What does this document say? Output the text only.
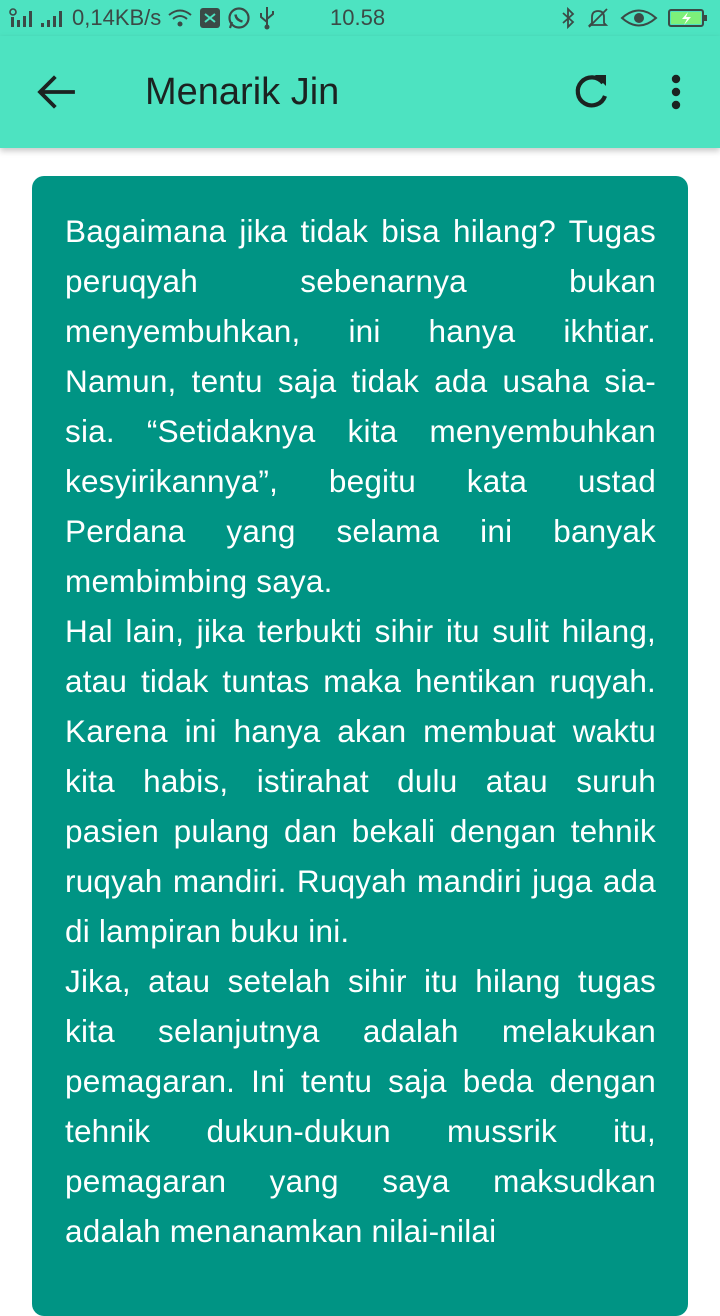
0,14KB/s	10.58
Menarik Jin

Bagaimana jika tidak bisa hilang? Tugas peruqyah sebenarnya bukan menyembuhkan, ini hanya ikhtiar. Namun, tentu saja tidak ada usaha sia-sia. “Setidaknya kita menyembuhkan kesyirikannya”, begitu kata ustad Perdana yang selama ini banyak membimbing saya.

Hal lain, jika terbukti sihir itu sulit hilang, atau tidak tuntas maka hentikan ruqyah. Karena ini hanya akan membuat waktu kita habis, istirahat dulu atau suruh pasien pulang dan bekali dengan tehnik ruqyah mandiri. Ruqyah mandiri juga ada di lampiran buku ini.

Jika, atau setelah sihir itu hilang tugas kita selanjutnya adalah melakukan pemagaran. Ini tentu saja beda dengan tehnik dukun-dukun mussrik itu, pemagaran yang saya maksudkan adalah menanamkan nilai-nilai
